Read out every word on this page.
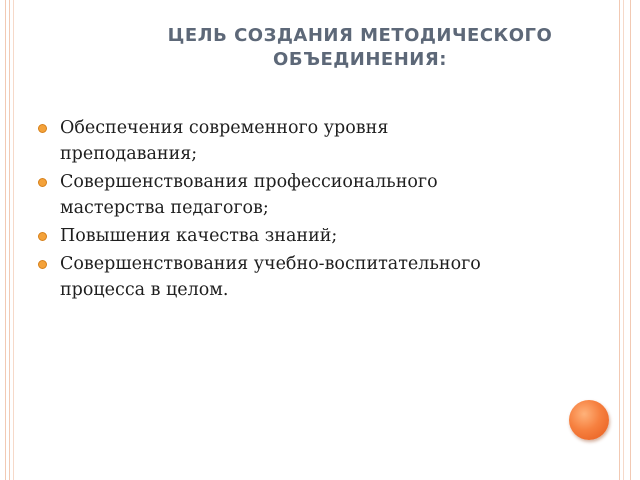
ЦЕЛЬ СОЗДАНИЯ МЕТОДИЧЕСКОГО
ОБЪЕДИНЕНИЯ:
Обеспечения современного уровня
преподавания;
Совершенствования профессионального
мастерства педагогов;
Повышения качества знаний;
Совершенствования учебно-воспитательного
процесса в целом.
